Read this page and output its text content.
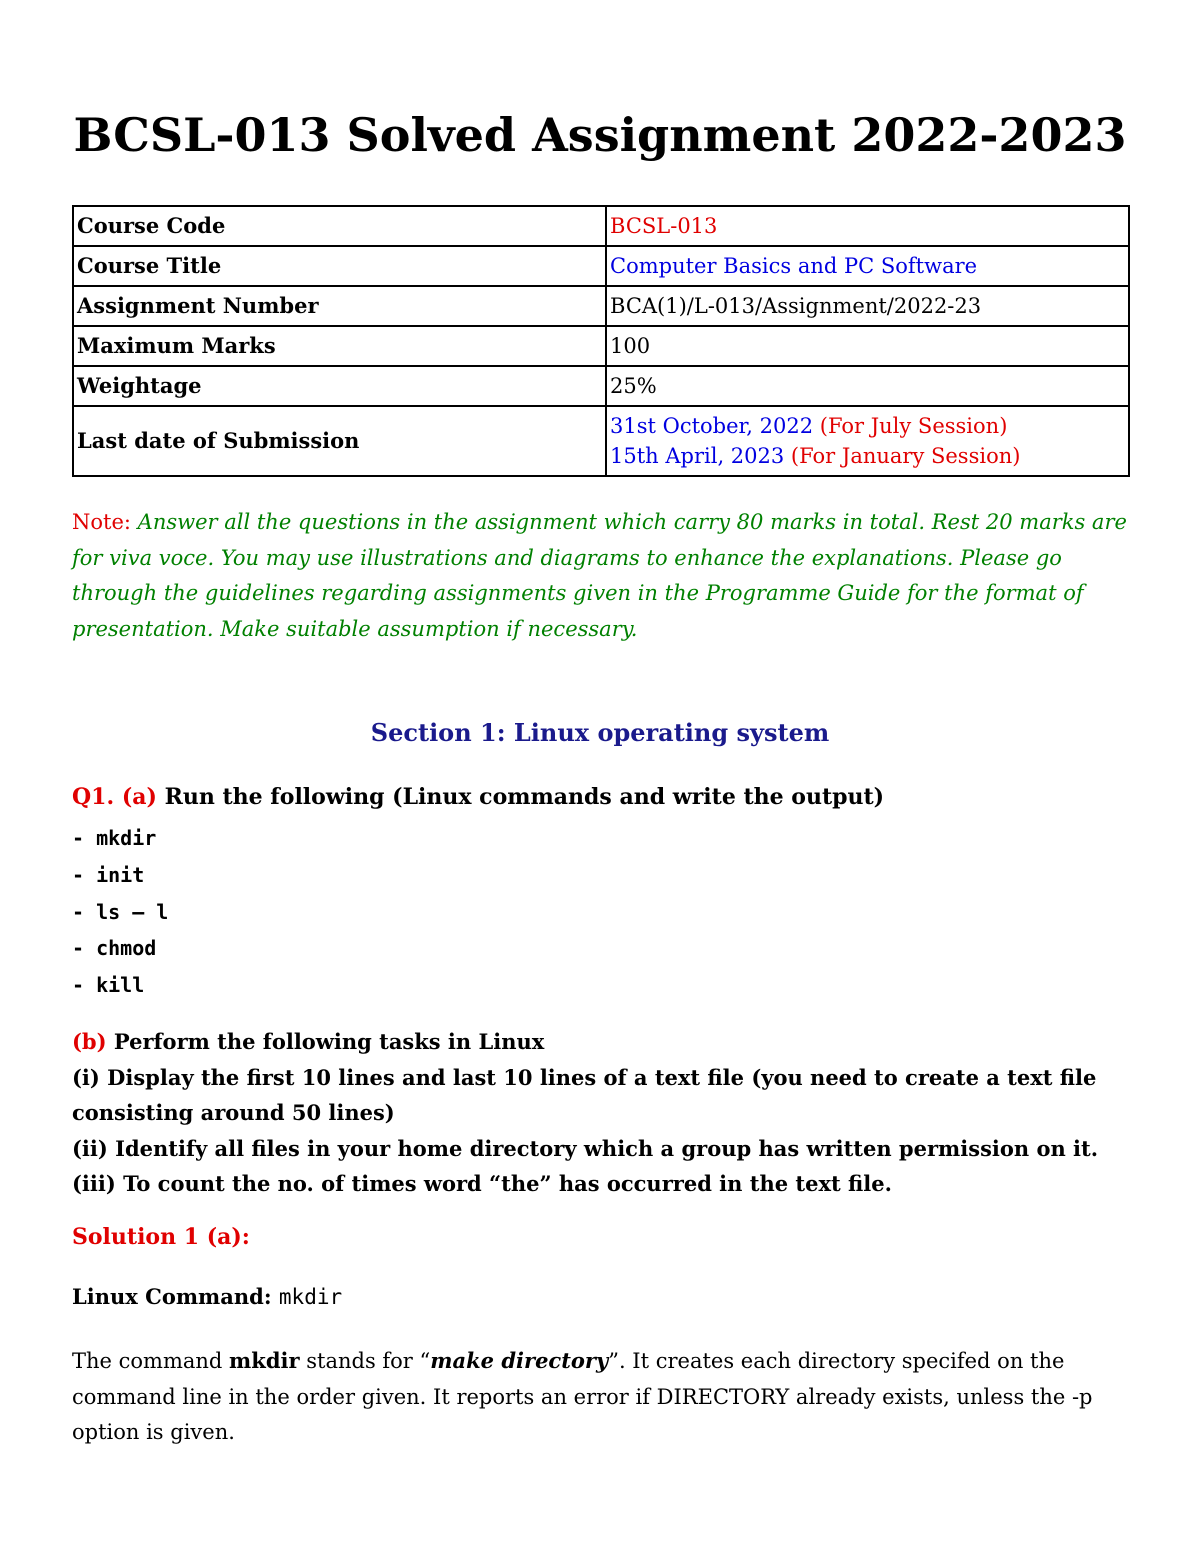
BCSL-013 Solved Assignment 2022-2023
Course Code	BCSL-013
Course Title	Computer Basics and PC Software
Assignment Number	BCA(1)/L-013/Assignment/2022-23
Maximum Marks	100
Weightage	25%
Last date of Submission	31st October, 2022 (For July Session)
15th April, 2023 (For January Session)
Note: Answer all the questions in the assignment which carry 80 marks in total. Rest 20 marks are for viva voce. You may use illustrations and diagrams to enhance the explanations. Please go through the guidelines regarding assignments given in the Programme Guide for the format of presentation. Make suitable assumption if necessary.
Section 1: Linux operating system
Q1. (a) Run the following (Linux commands and write the output)
- mkdir
- init
- ls – l
- chmod
- kill
(b) Perform the following tasks in Linux
(i) Display the first 10 lines and last 10 lines of a text file (you need to create a text file consisting around 50 lines)
(ii) Identify all files in your home directory which a group has written permission on it.
(iii) To count the no. of times word “the” has occurred in the text file.
Solution 1 (a):
Linux Command: mkdir
The command mkdir stands for “make directory”. It creates each directory specifed on the command line in the order given. It reports an error if DIRECTORY already exists, unless the -p option is given.
